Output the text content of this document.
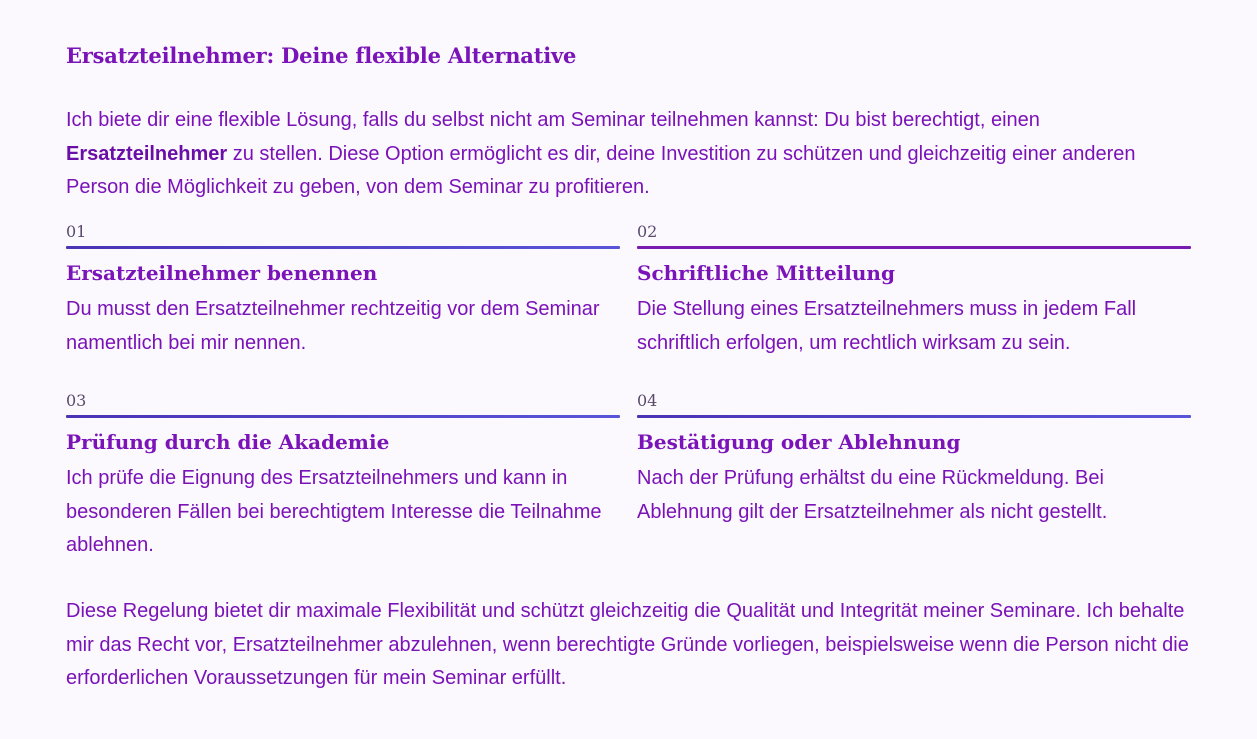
Ersatzteilnehmer: Deine flexible Alternative

Ich biete dir eine flexible Lösung, falls du selbst nicht am Seminar teilnehmen kannst: Du bist berechtigt, einen Ersatzteilnehmer zu stellen. Diese Option ermöglicht es dir, deine Investition zu schützen und gleichzeitig einer anderen Person die Möglichkeit zu geben, von dem Seminar zu profitieren.

01
Ersatzteilnehmer benennen

Du musst den Ersatzteilnehmer rechtzeitig vor dem Seminar namentlich bei mir nennen.

02
Schriftliche Mitteilung

Die Stellung eines Ersatzteilnehmers muss in jedem Fall schriftlich erfolgen, um rechtlich wirksam zu sein.

03
Prüfung durch die Akademie

Ich prüfe die Eignung des Ersatzteilnehmers und kann in besonderen Fällen bei berechtigtem Interesse die Teilnahme ablehnen.

04
Bestätigung oder Ablehnung

Nach der Prüfung erhältst du eine Rückmeldung. Bei Ablehnung gilt der Ersatzteilnehmer als nicht gestellt.

Diese Regelung bietet dir maximale Flexibilität und schützt gleichzeitig die Qualität und Integrität meiner Seminare. Ich behalte mir das Recht vor, Ersatzteilnehmer abzulehnen, wenn berechtigte Gründe vorliegen, beispielsweise wenn die Person nicht die erforderlichen Voraussetzungen für mein Seminar erfüllt.
